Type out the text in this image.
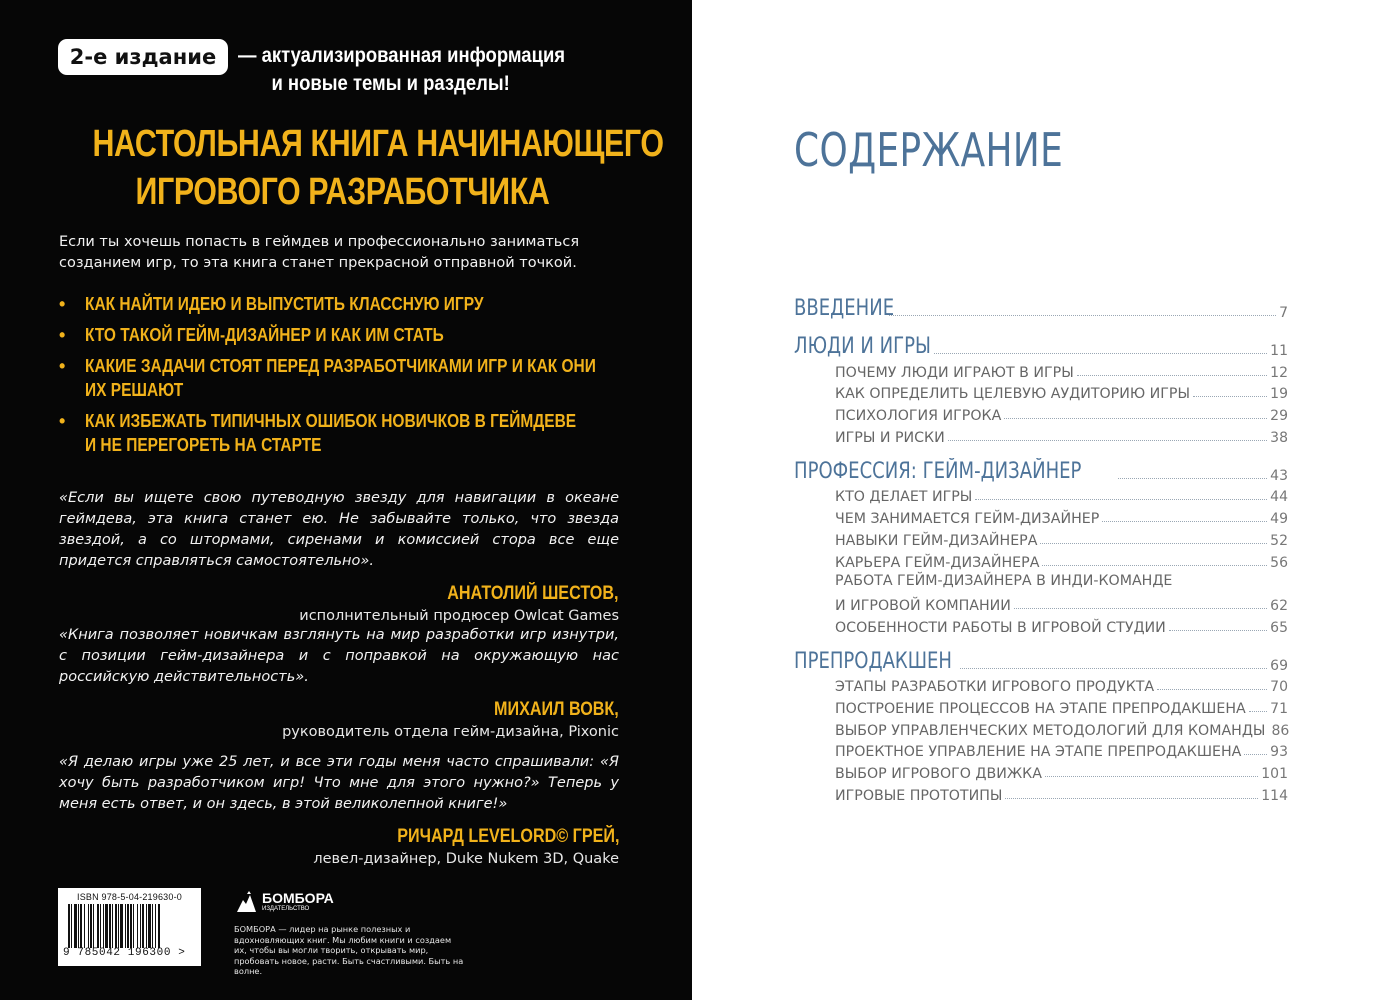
2-е издание	— актуализированная информация
и новые темы и разделы!
НАСТОЛЬНАЯ КНИГА НАЧИНАЮЩЕГО
ИГРОВОГО РАЗРАБОТЧИКА

Если ты хочешь попасть в геймдев и профессионально заниматься созданием игр, то эта книга станет прекрасной отправной точкой.

• КАК НАЙТИ ИДЕЮ И ВЫПУСТИТЬ КЛАССНУЮ ИГРУ
• КТО ТАКОЙ ГЕЙМ-ДИЗАЙНЕР И КАК ИМ СТАТЬ
• КАКИЕ ЗАДАЧИ СТОЯТ ПЕРЕД РАЗРАБОТЧИКАМИ ИГР И КАК ОНИ
ИХ РЕШАЮТ
• КАК ИЗБЕЖАТЬ ТИПИЧНЫХ ОШИБОК НОВИЧКОВ В ГЕЙМДЕВЕ
И НЕ ПЕРЕГОРЕТЬ НА СТАРТЕ

«Если вы ищете свою путеводную звезду для навигации в океане геймдева, эта книга станет ею. Не забывайте только, что звезда звездой, а со штормами, сиренами и комиссией стора все еще придется справляться самостоятельно».

АНАТОЛИЙ ШЕСТОВ,
исполнительный продюсер Owlcat Games

«Книга позволяет новичкам взглянуть на мир разработки игр изнутри, с позиции гейм-дизайнера и с поправкой на окружающую нас российскую действительность».

МИХАИЛ ВОВК,
руководитель отдела гейм-дизайна, Pixonic

«Я делаю игры уже 25 лет, и все эти годы меня часто спрашивали: «Я хочу быть разработчиком игр! Что мне для этого нужно?» Теперь у меня есть ответ, и он здесь, в этой великолепной книге!»

РИЧАРД LEVELORD© ГРЕЙ,
левел-дизайнер, Duke Nukem 3D, Quake
ISBN 978-5-04-219630-0
9 785042 196300 >
БОМБОРА
ИЗДАТЕЛЬСТВО

БОМБОРА — лидер на рынке полезных и вдохновляющих книг. Мы любим книги и создаем их, чтобы вы могли творить, открывать мир, пробовать новое, расти. Быть счастливыми. Быть на волне.

СОДЕРЖАНИЕ
ВВЕДЕНИЕ	7
ЛЮДИ И ИГРЫ	11
ПОЧЕМУ ЛЮДИ ИГРАЮТ В ИГРЫ	12
КАК ОПРЕДЕЛИТЬ ЦЕЛЕВУЮ АУДИТОРИЮ ИГРЫ	19
ПСИХОЛОГИЯ ИГРОКА	29
ИГРЫ И РИСКИ	38
ПРОФЕССИЯ: ГЕЙМ-ДИЗАЙНЕР	43
КТО ДЕЛАЕТ ИГРЫ	44
ЧЕМ ЗАНИМАЕТСЯ ГЕЙМ-ДИЗАЙНЕР	49
НАВЫКИ ГЕЙМ-ДИЗАЙНЕРА	52
КАРЬЕРА ГЕЙМ-ДИЗАЙНЕРА	56
РАБОТА ГЕЙМ-ДИЗАЙНЕРА В ИНДИ-КОМАНДЕ
И ИГРОВОЙ КОМПАНИИ	62
ОСОБЕННОСТИ РАБОТЫ В ИГРОВОЙ СТУДИИ	65
ПРЕПРОДАКШЕН	69
ЭТАПЫ РАЗРАБОТКИ ИГРОВОГО ПРОДУКТА	70
ПОСТРОЕНИЕ ПРОЦЕССОВ НА ЭТАПЕ ПРЕПРОДАКШЕНА 71
ВЫБОР УПРАВЛЕНЧЕСКИХ МЕТОДОЛОГИЙ ДЛЯ КОМАНДЫ 86
ПРОЕКТНОЕ УПРАВЛЕНИЕ НА ЭТАПЕ ПРЕПРОДАКШЕНА 93
ВЫБОР ИГРОВОГО ДВИЖКА	101
ИГРОВЫЕ ПРОТОТИПЫ	114
